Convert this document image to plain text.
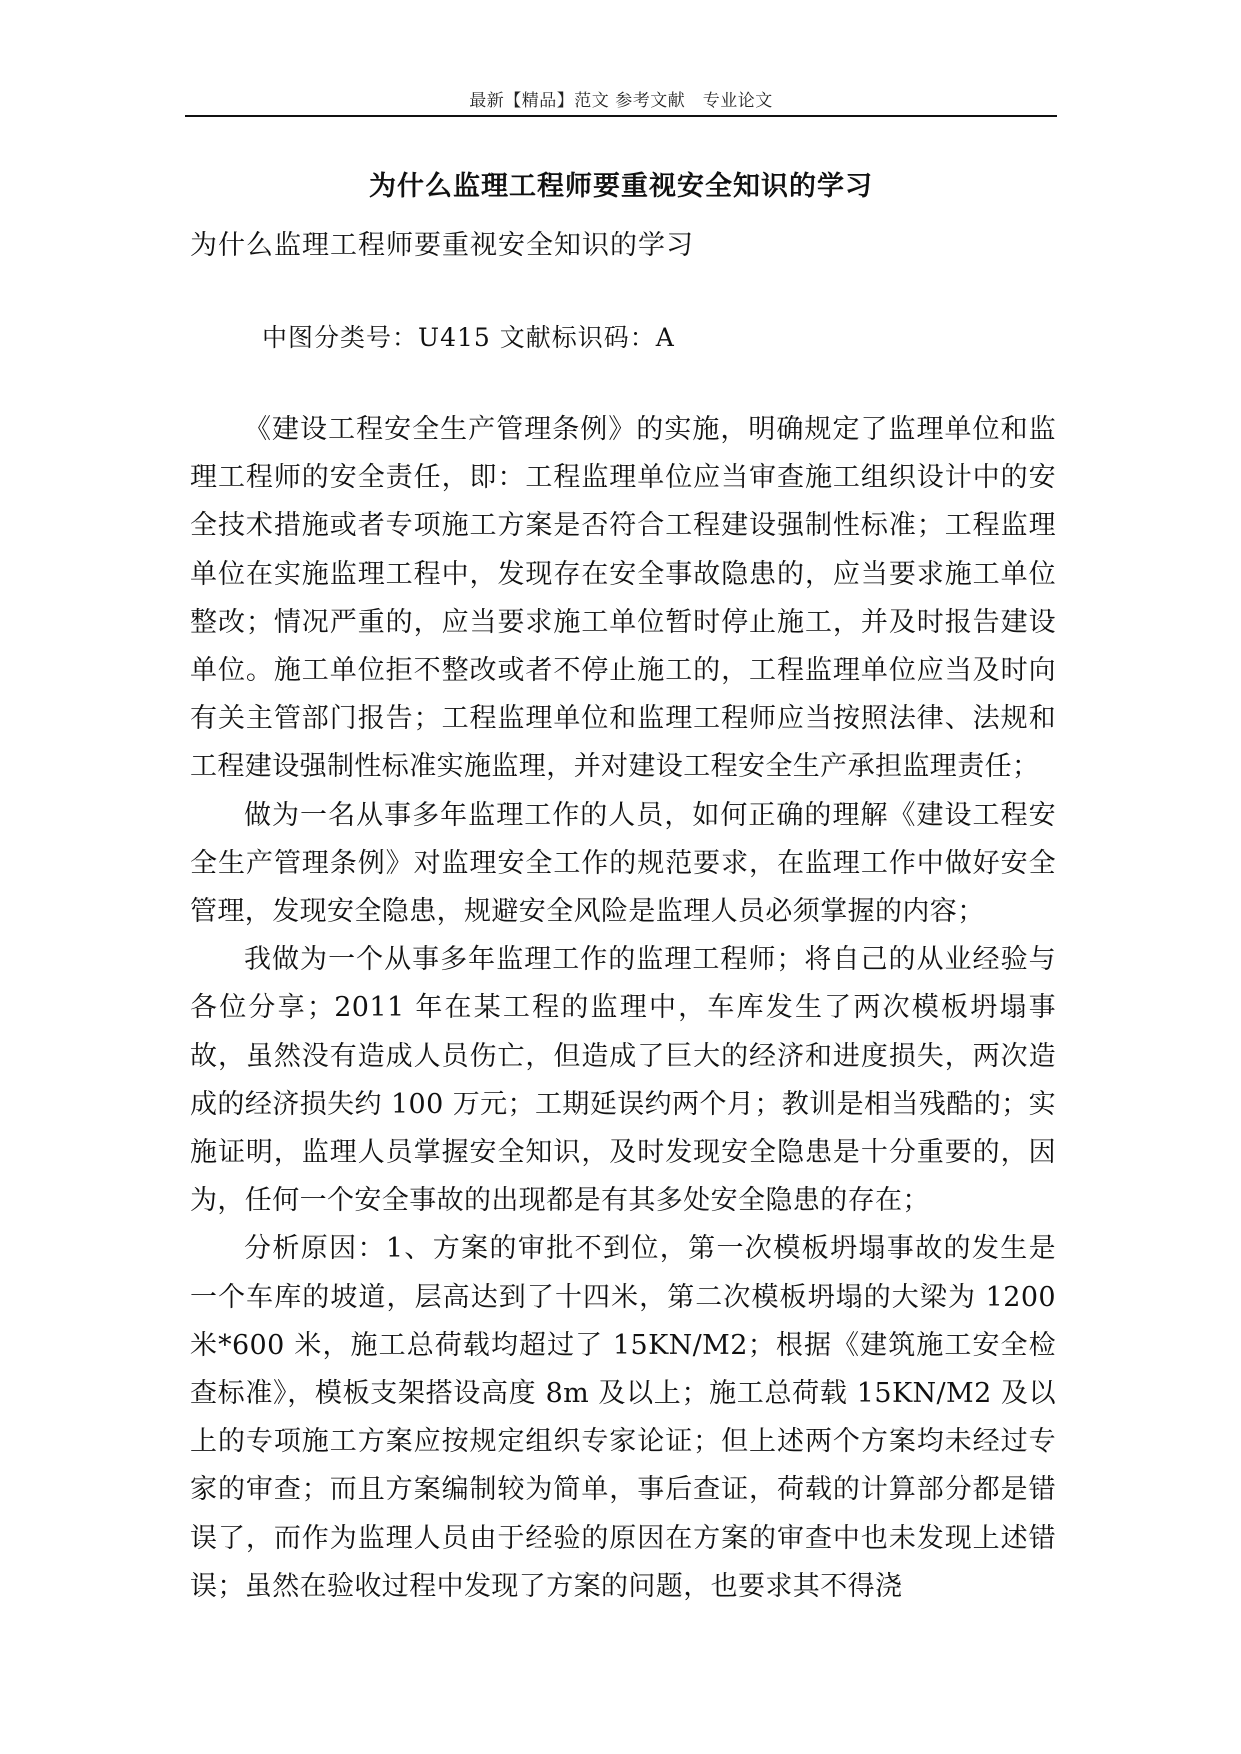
最新【精品】范文 参考文献　专业论文
为什么监理工程师要重视安全知识的学习
为什么监理工程师要重视安全知识的学习
中图分类号：U415 文献标识码：A

《建设工程安全生产管理条例》的实施，明确规定了监理单位和监理工程师的安全责任，即：工程监理单位应当审查施工组织设计中的安全技术措施或者专项施工方案是否符合工程建设强制性标准；工程监理单位在实施监理工程中，发现存在安全事故隐患的，应当要求施工单位整改；情况严重的，应当要求施工单位暂时停止施工，并及时报告建设单位。施工单位拒不整改或者不停止施工的，工程监理单位应当及时向有关主管部门报告；工程监理单位和监理工程师应当按照法律、法规和工程建设强制性标准实施监理，并对建设工程安全生产承担监理责任；

做为一名从事多年监理工作的人员，如何正确的理解《建设工程安全生产管理条例》对监理安全工作的规范要求，在监理工作中做好安全管理，发现安全隐患，规避安全风险是监理人员必须掌握的内容；

我做为一个从事多年监理工作的监理工程师；将自己的从业经验与各位分享；2011 年在某工程的监理中，车库发生了两次模板坍塌事故，虽然没有造成人员伤亡，但造成了巨大的经济和进度损失，两次造成的经济损失约 100 万元；工期延误约两个月；教训是相当残酷的；实施证明，监理人员掌握安全知识，及时发现安全隐患是十分重要的，因为，任何一个安全事故的出现都是有其多处安全隐患的存在；

分析原因：1、方案的审批不到位，第一次模板坍塌事故的发生是一个车库的坡道，层高达到了十四米，第二次模板坍塌的大梁为 1200 米*600 米，施工总荷载均超过了 15KN/M2；根据《建筑施工安全检查标准》，模板支架搭设高度 8m 及以上；施工总荷载 15KN/M2 及以上的专项施工方案应按规定组织专家论证；但上述两个方案均未经过专家的审查；而且方案编制较为简单，事后查证，荷载的计算部分都是错误了，而作为监理人员由于经验的原因在方案的审查中也未发现上述错误；虽然在验收过程中发现了方案的问题，也要求其不得浇
